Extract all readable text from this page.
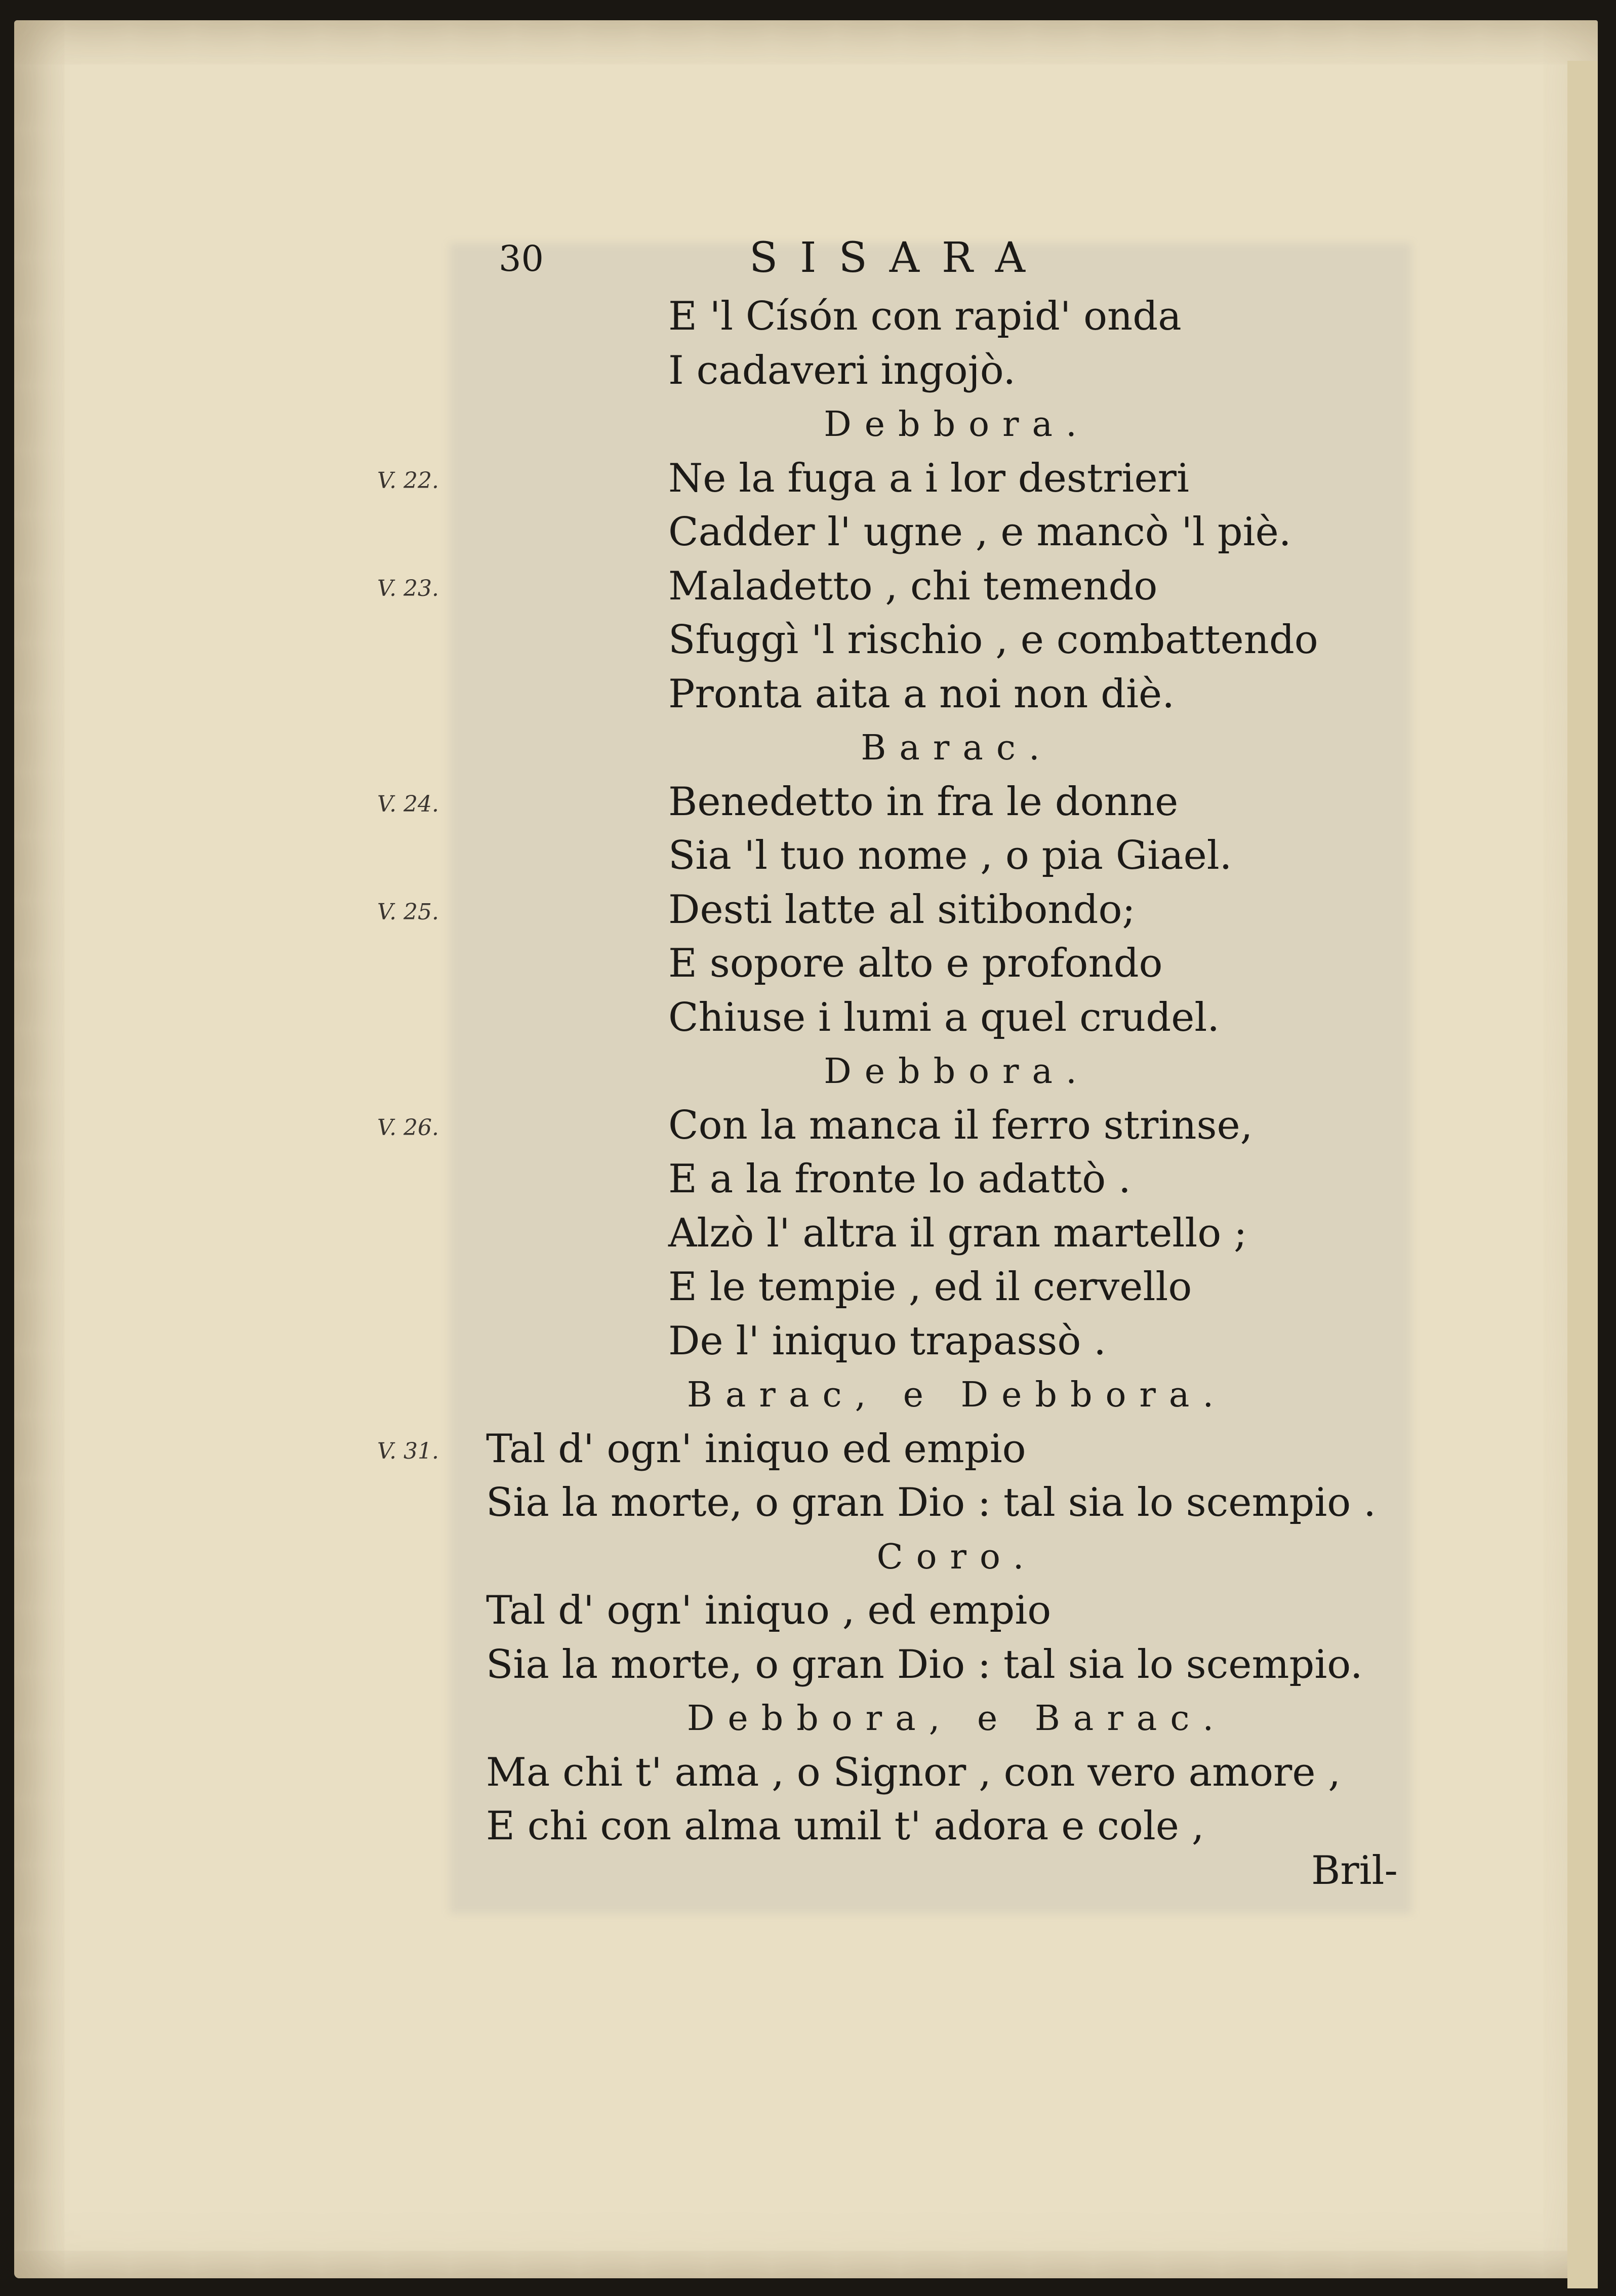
30	SISARA
E 'l Císón con rapid' onda
I cadaveri ingojò.
Debbora.
Ne la fuga a i lor destrieri
V. 22.
Cadder l' ugne , e mancò 'l piè.
Maladetto , chi temendo
V. 23.
Sfuggì 'l rischio , e combattendo
Pronta aita a noi non diè.
Barac.
Benedetto in fra le donne
V. 24.
Sia 'l tuo nome , o pia Giael.
Desti latte al sitibondo;
V. 25.
E sopore alto e profondo
Chiuse i lumi a quel crudel.
Debbora.
Con la manca il ferro strinse,
V. 26.
E a la fronte lo adattò .
Alzò l' altra il gran martello ;
E le tempie , ed il cervello
De l' iniquo trapassò .
Barac, e Debbora.
Tal d' ogn' iniquo ed empio
V. 31.
Sia la morte, o gran Dio : tal sia lo scempio .
Coro.
Tal d' ogn' iniquo , ed empio
Sia la morte, o gran Dio : tal sia lo scempio.
Debbora, e Barac.
Ma chi t' ama , o Signor , con vero amore ,
E chi con alma umil t' adora e cole ,
Bril-
